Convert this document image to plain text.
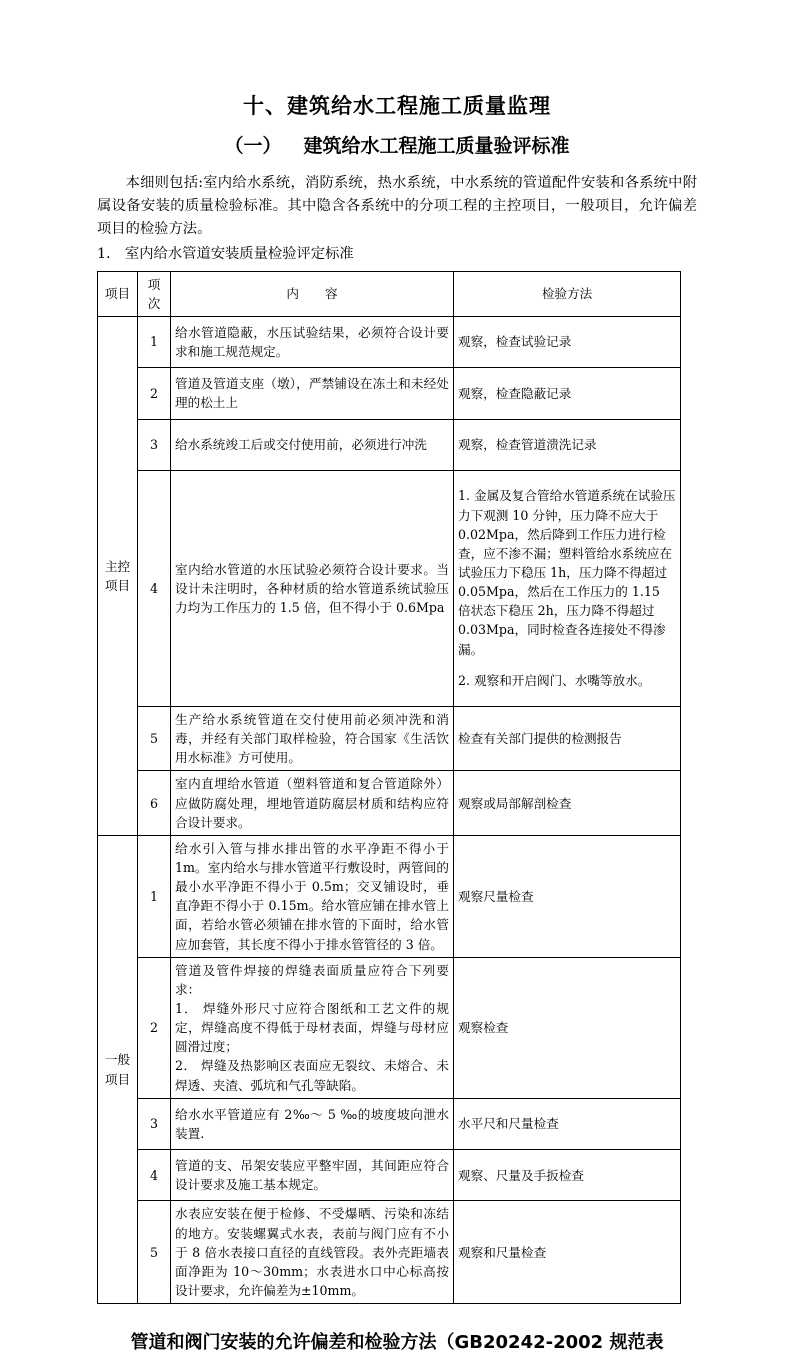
十、建筑给水工程施工质量监理
（一） 建筑给水工程施工质量验评标准

本细则包括:室内给水系统，消防系统，热水系统，中水系统的管道配件安装和各系统中附属设备安装的质量检验标准。其中隐含各系统中的分项工程的主控项目，一般项目，允许偏差项目的检验方法。

1． 室内给水管道安装质量检验评定标准

项目	项次	内 容	检验方法

主控
项目	1	给水管道隐蔽，水压试验结果，必须符合设计要求和施工规范规定。	观察，检查试验记录

	2	管道及管道支座（墩），严禁铺设在冻土和未经处理的松土上	观察，检查隐蔽记录

	3	给水系统竣工后或交付使用前，必须进行冲洗	观察，检查管道溃洗记录

	4	室内给水管道的水压试验必须符合设计要求。当设计未注明时，各种材质的给水管道系统试验压力均为工作压力的 1.5 倍，但不得小于 0.6Mpa	1. 金属及复合管给水管道系统在试验压力下观测 10 分钟，压力降不应大于 0.02Mpa，然后降到工作压力进行检查，应不渗不漏；塑料管给水系统应在试验压力下稳压 1h，压力降不得超过 0.05Mpa，然后在工作压力的 1.15 倍状态下稳压 2h，压力降不得超过 0.03Mpa，同时检查各连接处不得渗漏。

2. 观察和开启阀门、水嘴等放水。

	5	生产给水系统管道在交付使用前必须冲洗和消毒，并经有关部门取样检验，符合国家《生活饮用水标准》方可使用。	检查有关部门提供的检测报告

	6	室内直埋给水管道（塑料管道和复合管道除外）应做防腐处理，埋地管道防腐层材质和结构应符合设计要求。	观察或局部解剖检查

一般
项目	1	给水引入管与排水排出管的水平净距不得小于 1m。室内给水与排水管道平行敷设时，两管间的最小水平净距不得小于 0.5m；交叉铺设时，垂直净距不得小于 0.15m。给水管应铺在排水管上面，若给水管必须铺在排水管的下面时，给水管应加套管，其长度不得小于排水管管径的 3 倍。	观察尺量检查

	2	管道及管件焊接的焊缝表面质量应符合下列要求：

1． 焊缝外形尺寸应符合图纸和工艺文件的规定，焊缝高度不得低于母材表面，焊缝与母材应圆滑过度；

2． 焊缝及热影响区表面应无裂纹、未熔合、未焊透、夹渣、弧坑和气孔等缺陷。	观察检查

	3	给水水平管道应有 2‰～ 5 ‰的坡度坡向泄水装置.	水平尺和尺量检查

	4	管道的支、吊架安装应平整牢固，其间距应符合设计要求及施工基本规定。	观察、尺量及手扳检查

	5	水表应安装在便于检修、不受爆晒、污染和冻结的地方。安装螺翼式水表，表前与阀门应有不小于 8 倍水表接口直径的直线管段。表外壳距墙表面净距为 10～30mm；水表进水口中心标高按设计要求，允许偏差为±10mm。	观察和尺量检查

管道和阀门安装的允许偏差和检验方法（GB20242-2002 规范表
